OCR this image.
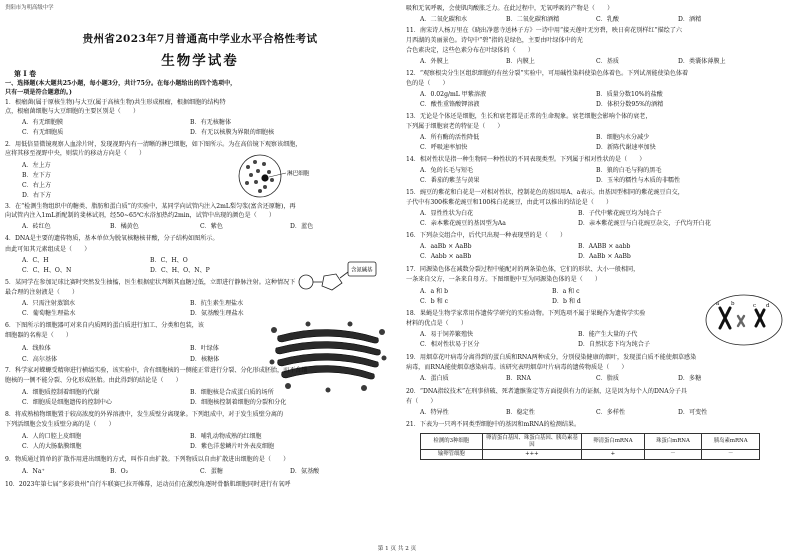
贵阳市为明高级中学
贵州省2023年7月普通高中学业水平合格性考试
生物学试卷
第 Ⅰ 卷
一、选择题(本大题共25小题，每小题3分，共计75分。在每小题给出的四个选项中，
只有一项是符合题意的。)
1．根瘤菌(属于原核生物)与大豆(属于高核生物)共生形成根瘤，根据细胞的结构特
点，根瘤菌细胞与大豆细胞的主要区别是（　　）
A．有无细胞膜	B．有无核糖体
C．有无细胞质	D．有无以核膜为界限的细胞核
2．用低倍显微镜观察人血涂片时，发现视野内有一清晰的淋巴细胞，如下图所示。为在高倍镜下观察该细胞，
应将其移至视野中央，则装片的移动方向是（　　）
A．左上方
B．左下方
C．右上方
D．右下方
淋巴细胞
3．在“检测生物组织中的糖类、脂肪和蛋白质”的实验中，某同学向试管内注入2mL梨匀浆(富含还原糖)，再
向试管内注入1mL新配制的斐林试剂，经50~65℃水浴加热约2min，试管中出现的颜色是（　　）
A．砖红色	B．橘黄色	C．紫色	D．蓝色
4．DNA是主要的遗传物质，基本单位为脱氧核糖核苷酸，分子结构如图所示。
由此可知其元素组成是（　　）
A．C、H	B．C、H、O
C．C、H、O、N	D．C、H、O、N、P	含氮碱基
5．某同学在参加足球比赛时突然发生抽搐，医生根据症状判断其血糖过低，立即进行静脉注射。这种情况下
最合理的注射液是（　　）
A．只需注射蒸馏水	B．抗生素生理盐水
C．葡萄糖生理盐水	D．氨基酸生理盐水
6．下图所示的细胞器可对来自内质网的蛋白质进行加工、分类和包装，该
细胞器的名称是（　　）
A．线粒体	B．叶绿体
C．高尔基体	D．核糖体
7．科学家对蝾螈受精卵进行横缢实验，该实验中，含有细胞核的一侧能正常进行分裂、分化形成胚胎，而不含细
胞核的一侧不能分裂、分化形成胚胎。由此得到的结论是（　　）
A．细胞质控制着细胞的代谢	B．细胞核是合成蛋白质的场所
C．细胞质是细胞遗传的控制中心	D．细胞核控制着细胞的分裂和分化
8．将成熟植物细胞置于较高浓度的外界溶液中，发生质壁分离现象。下列组成中，对于发生质壁分离的
下列活细胞会发生质壁分离的是（　　）
A．人的口腔上皮细胞	B．哺乳动物成熟的红细胞
C．人的大肠黏膜细胞	D．紫色洋葱鳞片叶外表皮细胞
9．物质通过简单的扩散作用进出细胞的方式，叫作自由扩散。下列物质以自由扩散进出细胞的是（　　）
A．Na⁺	B．O₂	C．蛋糖	D．氨基酸
10．2023年第七届“多彩贵州”自行车联赛已拉开帷幕，运动员们在激烈角逐时骨骼肌细胞同时进行有氧呼
吸和无氧呼吸，会使肌肉酸胀乏力。在此过程中，无氧呼吸的产物是（　　）
A．二氧化碳和水	B．二氧化碳和酒精	C．乳酸	D．酒精
11．南宋诗人杨万里在《晓出净慈寺送林子方》一诗中用“接天莲叶无穷碧，映日荷花别样红”描绘了六
月西湖的美丽景色。诗句中“碧”指的是绿色，主要由叶绿体中的光
合色素决定，这些色素分布在叶绿体的（　　）
A．外膜上	B．内膜上	C．基质	D．类囊体薄膜上
12．“观察根尖分生区组织细胞的有丝分裂”实验中，可用碱性染料使染色体着色。下列试剂能使染色体着
色的是（　　）
A．0.02g/mL 甲紫溶液	B．质量分数10%的盐酸
C．酸性重铬酸钾溶液	D．体积分数95%的酒精
13．无论是个体还是细胞，生长和衰老都是正常的生命现象。衰老细胞会影响个体的衰老，
下列属于细胞衰老的特征是（　　）
A．所有酶的活性降低	B．细胞内水分减少
C．呼吸速率加快	D．新陈代谢速率加快
14．相对性状是指一种生物同一种性状的不同表现类型。下列属于相对性状的是（　　）
A．兔的长毛与短毛	B．狼的白毛与狗的黑毛
C．番茄的紫茎与黄果	D．玉米的糯性与木质的非糯性
15．豌豆的紫花和白花是一对相对性状，控制花色的基因用A、a表示。由基因型相同的紫花豌豆自交，
子代中有300株紫花豌豆和100株白花豌豆，由此可以推出的结论是（　　）
A．显性性状为白花	B．子代中紫花豌豆均为纯合子
C．亲本紫花豌豆的基因型为Aa	D．亲本紫花豌豆与白花豌豆杂交，子代均开白花
16．下列杂交组合中，后代只出现一种表现型的是（　　）
A．aaBb × AaBb	B．AABB × aabb
C．Aabb × aaBb	D．AaBb × AaBb
17．同源染色体在减数分裂过程中能配对的两条染色体，它们的形状、大小一般相同，
一条来自父方，一条来自母方。下图细胞中互为同源染色体的是（　　）
A．a 和 b	B．a 和 c
C．b 和 c	D．b 和 d	a b	c d
18．果蝇是生物学家常用作遗传学研究的实验动物。下列选项不属于果蝇作为遗传学实验
材料的优点是（　　）
A．易于饲养繁殖快	B．能产生大量的子代
C．相对性状易于区分	D．自然状态下均为纯合子
19．用烟草花叶病毒分离得到的蛋白质和RNA两种成分，分别侵染健康的烟叶，发现蛋白质不能使烟草感染
病毒，而RNA能使烟草感染病毒。该研究表明烟草叶片病毒的遗传物质是（　　）
A．蛋白质	B．RNA	C．脂质	D．多糖
20．“DNA指纹技术”在刑事侦破、死者遗骸鉴定等方面提供有力的证据，这是因为每个人的DNA分子具
有（　　）
A．特异性	B．稳定性	C．多样性	D．可变性
21．下表为一只鸡不同类型细胞中的基因和mRNA的检测结果。
检测的3种细胞	卵清蛋白基因、珠蛋白基因、胰岛素基因	卵清蛋白mRNA	珠蛋白mRNA	胰岛素mRNA
输卵管细胞	+++	+	－	－
第 1 页 共 2 页
